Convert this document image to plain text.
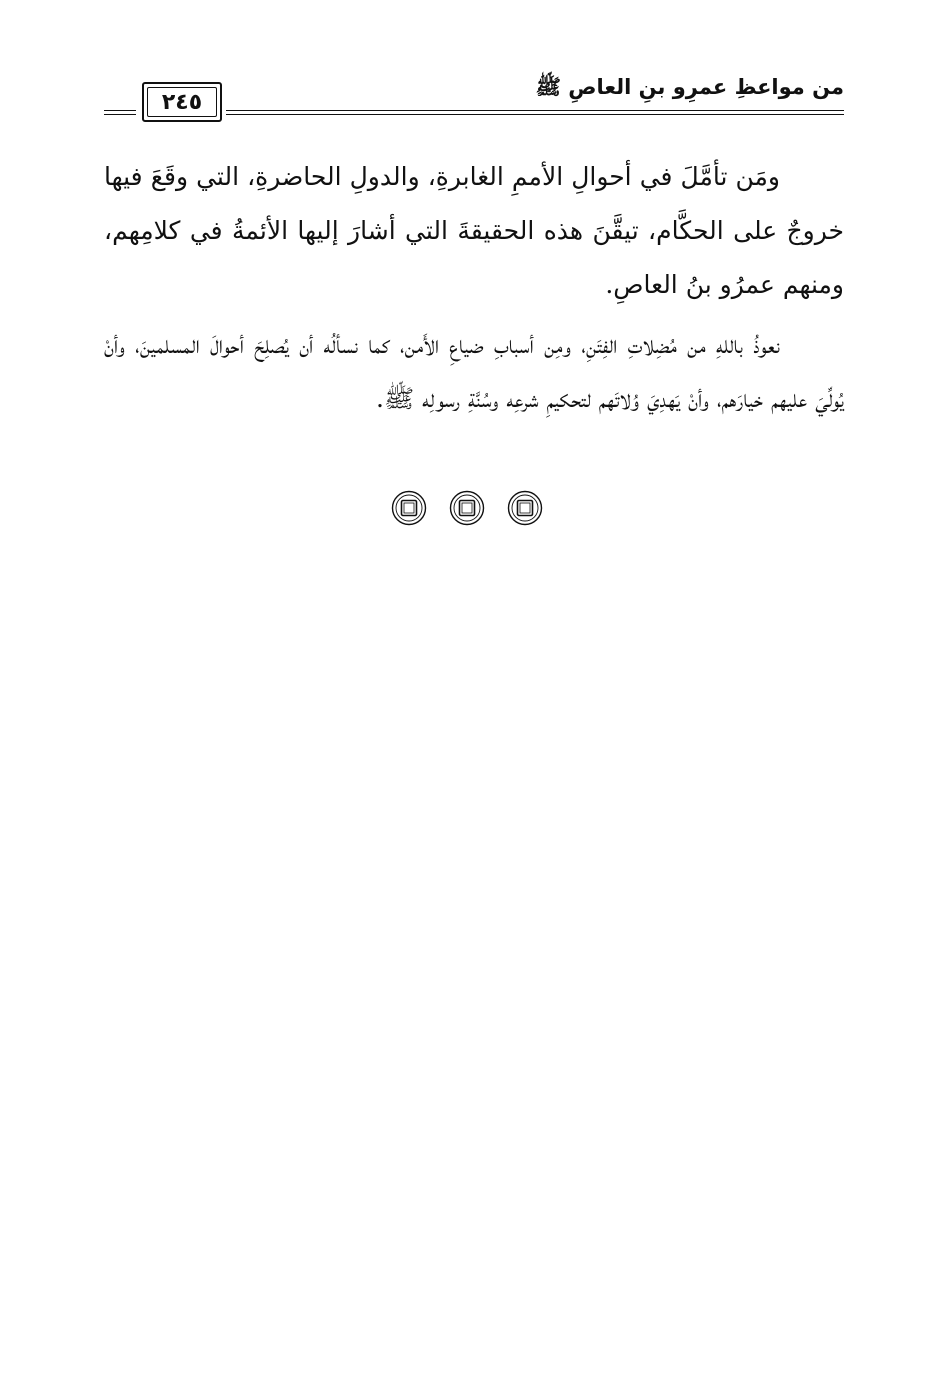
من مواعظِ عمرِو بنِ العاصِ ﷺ
٢٤٥

ومَن تأمَّلَ في أحوالِ الأممِ الغابرةِ، والدولِ الحاضرةِ، التي وقَعَ فيها خروجٌ على الحكَّام، تيقَّنَ هذه الحقيقةَ التي أشارَ إليها الأئمةُ في كلامِهم، ومنهم عمرُو بنُ العاصِ.

نعوذُ باللهِ من مُضِلاتِ الفِتَنِ، ومِن أسبابِ ضياعِ الأَمن، كما نسألُه أن يُصلِحَ أحوالَ المسلمينَ، وأنْ يُولِّيَ عليهم خيارَهم، وأنْ يَهدِيَ وُلاتَهم لتحكيمِ شرعِه وسُنَّةِ رسولِه ﷺ.
